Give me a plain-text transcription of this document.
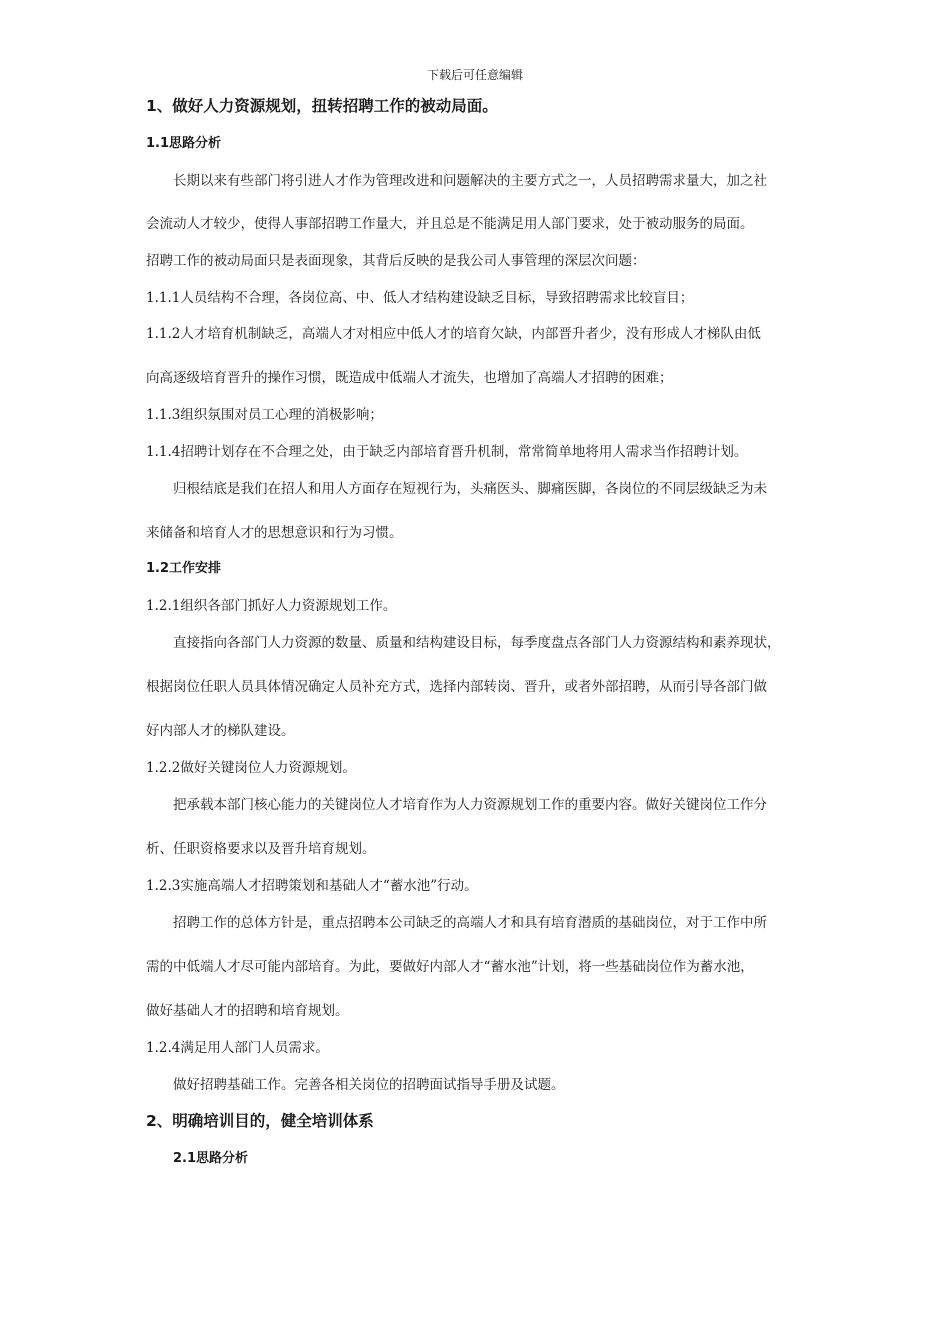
下载后可任意编辑
1、做好人力资源规划，扭转招聘工作的被动局面。
1.1思路分析
长期以来有些部门将引进人才作为管理改进和问题解决的主要方式之一，人员招聘需求量大，加之社
会流动人才较少，使得人事部招聘工作量大，并且总是不能满足用人部门要求，处于被动服务的局面。
招聘工作的被动局面只是表面现象，其背后反映的是我公司人事管理的深层次问题：
1.1.1人员结构不合理，各岗位高、中、低人才结构建设缺乏目标，导致招聘需求比较盲目；
1.1.2人才培育机制缺乏，高端人才对相应中低人才的培育欠缺，内部晋升者少，没有形成人才梯队由低
向高逐级培育晋升的操作习惯，既造成中低端人才流失，也增加了高端人才招聘的困难；
1.1.3组织氛围对员工心理的消极影响；
1.1.4招聘计划存在不合理之处，由于缺乏内部培育晋升机制，常常简单地将用人需求当作招聘计划。
归根结底是我们在招人和用人方面存在短视行为，头痛医头、脚痛医脚，各岗位的不同层级缺乏为未
来储备和培育人才的思想意识和行为习惯。
1.2工作安排
1.2.1组织各部门抓好人力资源规划工作。
直接指向各部门人力资源的数量、质量和结构建设目标，每季度盘点各部门人力资源结构和素养现状，
根据岗位任职人员具体情况确定人员补充方式，选择内部转岗、晋升，或者外部招聘，从而引导各部门做
好内部人才的梯队建设。
1.2.2做好关键岗位人力资源规划。
把承载本部门核心能力的关键岗位人才培育作为人力资源规划工作的重要内容。做好关键岗位工作分
析、任职资格要求以及晋升培育规划。
1.2.3实施高端人才招聘策划和基础人才“蓄水池”行动。
招聘工作的总体方针是，重点招聘本公司缺乏的高端人才和具有培育潜质的基础岗位，对于工作中所
需的中低端人才尽可能内部培育。为此，要做好内部人才“蓄水池”计划，将一些基础岗位作为蓄水池，
做好基础人才的招聘和培育规划。
1.2.4满足用人部门人员需求。
做好招聘基础工作。完善各相关岗位的招聘面试指导手册及试题。
2、明确培训目的，健全培训体系
2.1思路分析
